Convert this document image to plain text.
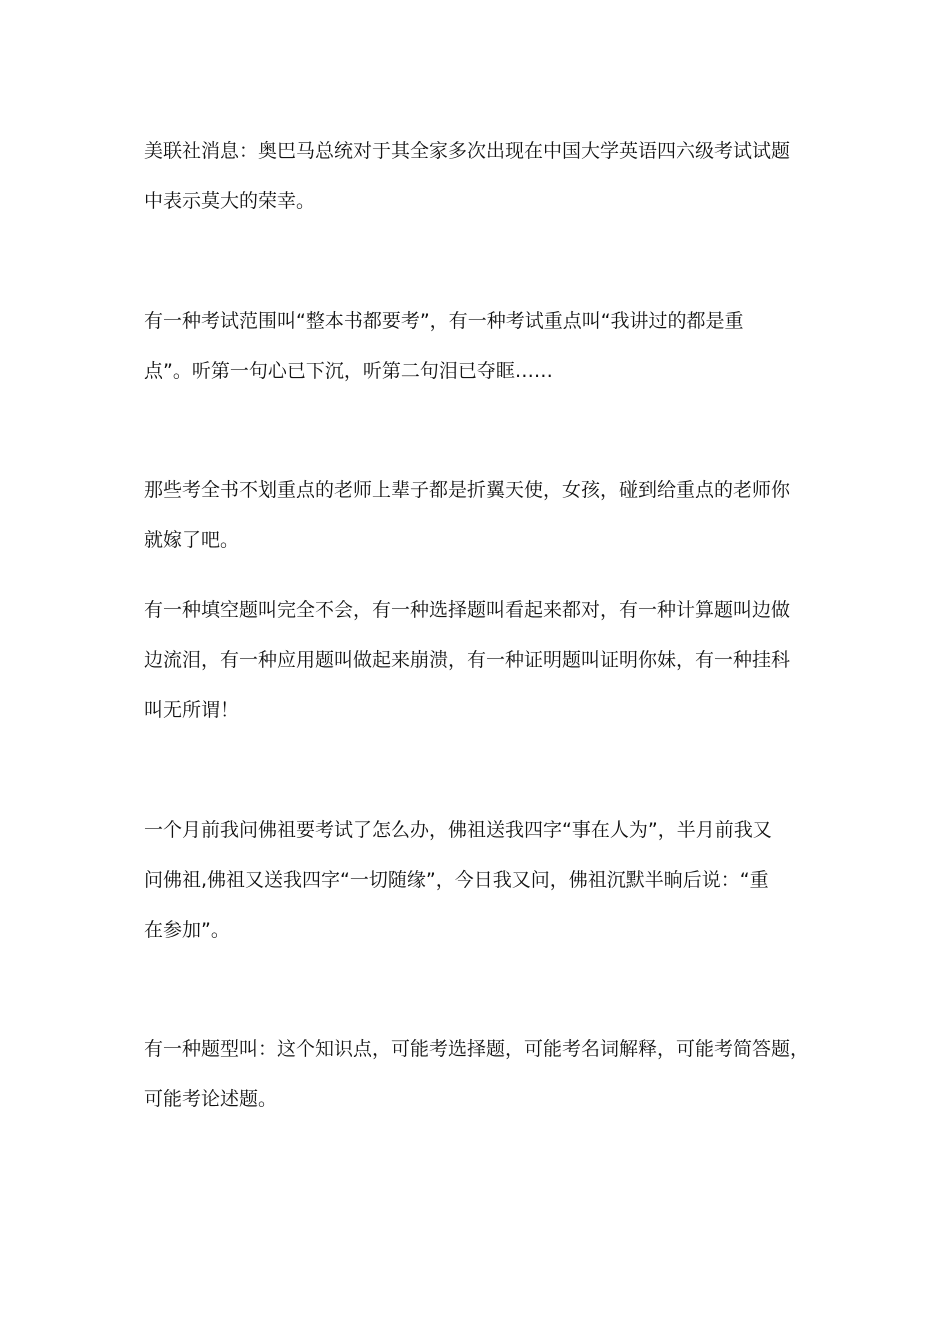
美联社消息：奥巴马总统对于其全家多次出现在中国大学英语四六级考试试题
中表示莫大的荣幸。

有一种考试范围叫“整本书都要考”，有一种考试重点叫“我讲过的都是重
点”。听第一句心已下沉，听第二句泪已夺眶……

那些考全书不划重点的老师上辈子都是折翼天使，女孩，碰到给重点的老师你
就嫁了吧。

有一种填空题叫完全不会，有一种选择题叫看起来都对，有一种计算题叫边做
边流泪，有一种应用题叫做起来崩溃，有一种证明题叫证明你妹，有一种挂科
叫无所谓！

一个月前我问佛祖要考试了怎么办，佛祖送我四字“事在人为”，半月前我又
问佛祖,佛祖又送我四字“一切随缘”，今日我又问，佛祖沉默半晌后说：“重
在参加”。

有一种题型叫：这个知识点，可能考选择题，可能考名词解释，可能考简答题，
可能考论述题。
